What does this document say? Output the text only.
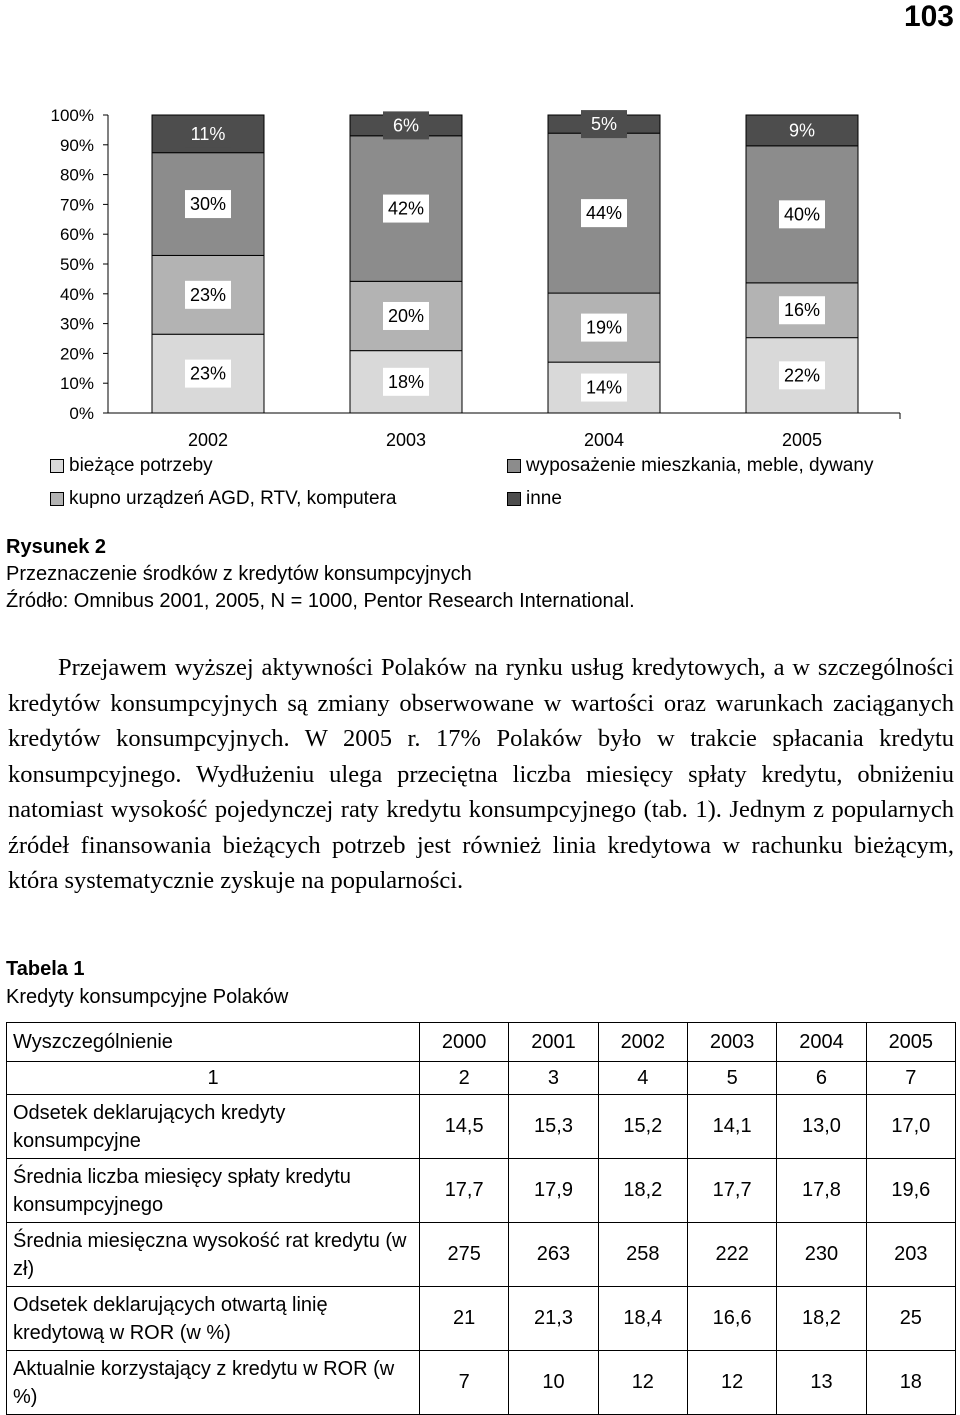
103
0%
10%
20%
30%
40%
50%
60%
70%
80%
90%
100%
23%
23%
30%
11%
2002
18%
20%
42%
6%
2003
14%
19%
44%
5%
2004
22%
16%
40%
9%
2005
bieżące potrzeby	wyposażenie mieszkania, meble, dywany
kupno urządzeń AGD, RTV, komputera	inne
Rysunek 2
Przeznaczenie środków z kredytów konsumpcyjnych
Źródło: Omnibus 2001, 2005, N = 1000, Pentor Research International.
Przejawem wyższej aktywności Polaków na rynku usług kredytowych, a w szczególności kredytów konsumpcyjnych są zmiany obserwowane w wartości oraz warunkach zaciąganych kredytów konsumpcyjnych. W 2005 r. 17% Polaków było w trakcie spłacania kredytu konsumpcyjnego. Wydłużeniu ulega przeciętna liczba miesięcy spłaty kredytu, obniżeniu natomiast wysokość pojedynczej raty kredytu konsumpcyjnego (tab. 1). Jednym z popularnych źródeł finansowania bieżących potrzeb jest również linia kredytowa w rachunku bieżącym, która systematycznie zyskuje na popularności.
Tabela 1
Kredyty konsumpcyjne Polaków
Wyszczególnienie	2000	2001	2002	2003	2004	2005
1	2	3	4	5	6	7
Odsetek deklarujących kredyty konsumpcyjne	14,5	15,3	15,2	14,1	13,0	17,0
Średnia liczba miesięcy spłaty kredytu konsumpcyjnego	17,7	17,9	18,2	17,7	17,8	19,6
Średnia miesięczna wysokość rat kredytu (w zł)	275	263	258	222	230	203
Odsetek deklarujących otwartą linię kredytową w ROR (w %)	21	21,3	18,4	16,6	18,2	25
Aktualnie korzystający z kredytu w ROR (w %)	7	10	12	12	13	18
